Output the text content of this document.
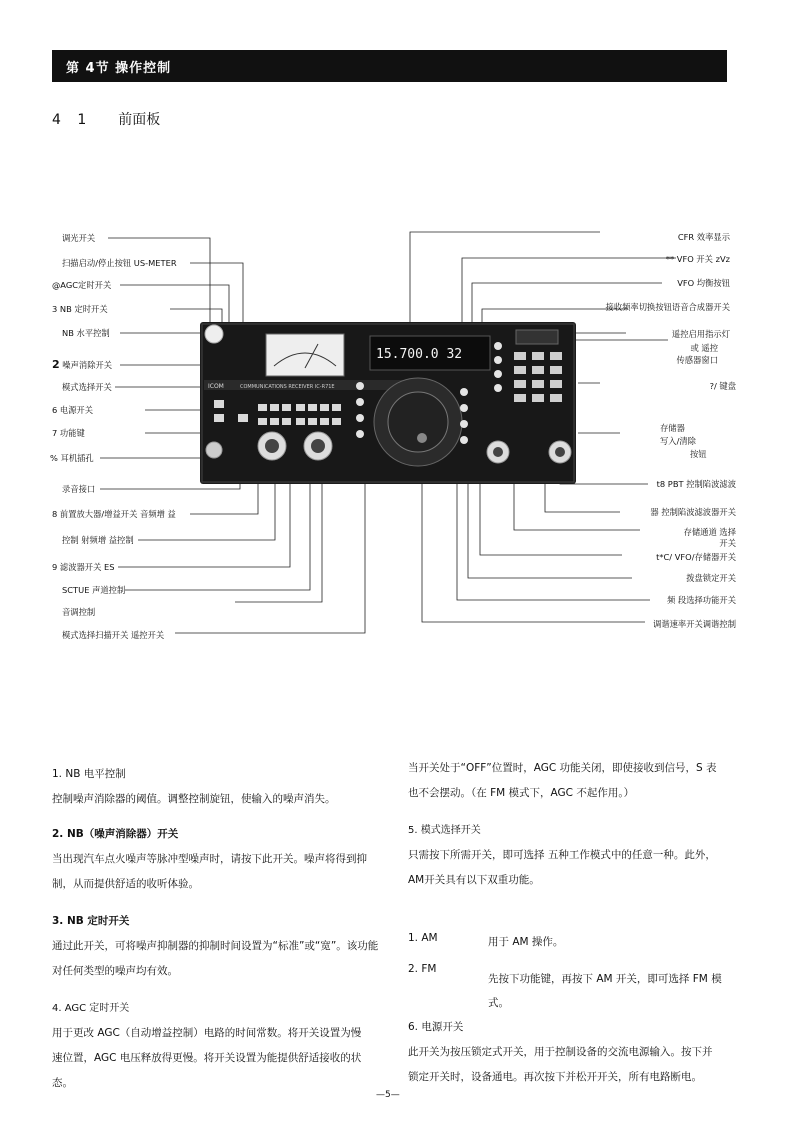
第 4节 操作控制
4 1 前面板
ICOM	COMMUNICATIONS RECEIVER IC-R71E
15.700.0 32
调光开关
扫描启动/停止按钮 US-METER
@AGC定时开关
3 NB 定时开关
NB 水平控制
2 噪声消除开关
模式选择开关
6 电源开关
7 功能键
% 耳机插孔
录音接口
8 前置放大器/增益开关 音频增 益
控制 射频增 益控制
9 滤波器开关 ES
SCTUE 声道控制
音调控制
模式选择扫描开关 遥控开关
CFR 效率显示
** VFO 开关 zVz
VFO 均衡按钮
接收频率切换按钮语音合成器开关
遥控启用指示灯
或 遥控
传感器窗口
?/ 键盘
存储器
写入/清除
按钮
t8 PBT 控制陷波滤波
器 控制陷波滤波器开关
存储通道 选择
开关
t*C/ VFO/存储器开关
拨盘锁定开关
频 段选择功能开关
调谐速率开关调谐控制

1. NB 电平控制

控制噪声消除器的阈值。调整控制旋钮，使输入的噪声消失。

2. NB（噪声消除器）开关

当出现汽车点火噪声等脉冲型噪声时，请按下此开关。噪声将得到抑

制，从而提供舒适的收听体验。

3. NB 定时开关

通过此开关，可将噪声抑制器的抑制时间设置为“标准”或“宽”。该功能

对任何类型的噪声均有效。

4. AGC 定时开关

用于更改 AGC（自动增益控制）电路的时间常数。将开关设置为慢

速位置，AGC 电压释放得更慢。将开关设置为能提供舒适接收的状

态。

当开关处于“OFF”位置时，AGC 功能关闭，即使接收到信号，S 表

也不会摆动。（在 FM 模式下，AGC 不起作用。）

5. 模式选择开关

只需按下所需开关，即可选择 五种工作模式中的任意一种。此外，

AM开关具有以下双重功能。

1. AM	用于 AM 操作。
2. FM
先按下功能键，再按下 AM 开关，即可选择 FM 模
式。

6. 电源开关

此开关为按压锁定式开关，用于控制设备的交流电源输入。按下并

锁定开关时，设备通电。再次按下并松开开关，所有电路断电。

—5—
